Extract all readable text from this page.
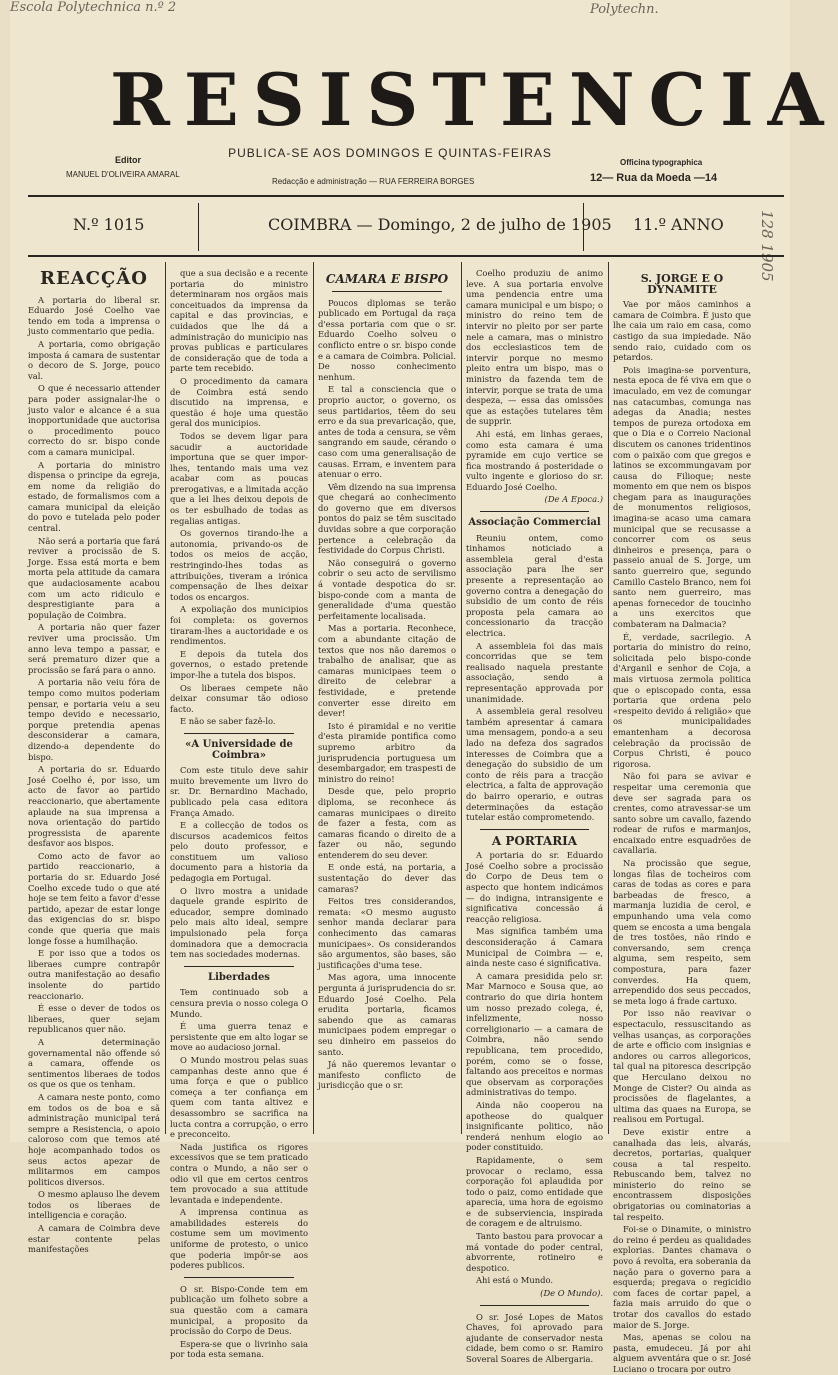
Escola Polytechnica n.º 2	Polytechn.
128 1905
RESISTENCIA
PUBLICA-SE AOS DOMINGOS E QUINTAS-FEIRAS
Editor
MANUEL D'OLIVEIRA AMARAL
Redacção e administração — RUA FERREIRA BORGES
Officina typographica
12— Rua da Moeda —14
N.º 1015	COIMBRA — Domingo, 2 de julho de 1905 11.º ANNO
REACÇÃO

A portaria do liberal sr. Eduardo José Coelho vae tendo em toda a imprensa o justo commentario que pedia.

A portaria, como obrigação imposta á camara de sustentar o decoro de S. Jorge, pouco val.

O que é necessario attender para poder assignalar-lhe o justo valor e alcance é a sua inopportunidade que auctorisa o procedimento pouco correcto do sr. bispo conde com a camara municipal.

A portaria do ministro dispensa o principe da egreja, em nome da religião do estado, de formalismos com a camara municipal da eleição do povo e tutelada pelo poder central.

Não será a portaria que fará reviver a procissão de S. Jorge. Essa está morta e bem morta pela attitude da camara que audaciosamente acabou com um acto ridiculo e desprestigiante para a população de Coimbra.

A portaria não quer fazer reviver uma procissão. Um anno leva tempo a passar, e será prematuro dizer que a procissão se fará para o anno.

A portaria não veiu fóra de tempo como muitos poderiam pensar, e portaria veiu a seu tempo devido e necessario, porque pretendia apenas desconsiderar a camara, dizendo-a dependente do bispo.

A portaria do sr. Eduardo José Coelho é, por isso, um acto de favor ao partido reaccionario, que abertamente aplaude na sua imprensa a nova orientação do partido progressista de aparente desfavor aos bispos.

Como acto de favor ao partido reaccionario, a portaria do sr. Eduardo José Coelho excede tudo o que até hoje se tem feito a favor d'esse partido, apezar de estar longe das exigencias do sr. bispo conde que queria que mais longe fosse a humilhação.

E por isso que a todos os liberaes cumpre contrapôr outra manifestação ao desafio insolente do partido reaccionario.

É esse o dever de todos os liberaes, quer sejam republicanos quer não.

A determinação governamental não offende só a camara, offende os sentimentos liberaes de todos os que os que os tenham.

A camara neste ponto, como em todos os de boa e sã administração municipal terá sempre a Resistencia, o apoio caloroso com que temos até hoje acompanhado todos os seus actos apezar de militarmos em campos politicos diversos.

O mesmo aplauso lhe devem todos os liberaes de intelligencia e coração.

A camara de Coimbra deve estar contente pelas manifestações

que a sua decisão e a recente portaria do ministro determinaram nos orgãos mais conceituados da imprensa da capital e das provincias, e cuidados que lhe dá a administração do municipio nas provas publicas e particulares de consideração que de toda a parte tem recebido.

O procedimento da camara de Coimbra está sendo discutido na imprensa, e questão é hoje uma questão geral dos municipios.

Todos se devem ligar para sacudir a auctoridade importuna que se quer impor-lhes, tentando mais uma vez acabar com as poucas prerogativas, e a limitada acção que a lei lhes deixou depois de os ter esbulhado de todas as regalias antigas.

Os governos tirando-lhe a autonomia, privando-os de todos os meios de acção, restringindo-lhes todas as attribuições, tiveram a irónica compensação de lhes deixar todos os encargos.

A expoliação dos municipios foi completa: os governos tiraram-lhes a auctoridade e os rendimentos.

E depois da tutela dos governos, o estado pretende impor-lhe a tutela dos bispos.

Os liberaes cempete não deixar consumar tão odioso facto.

E não se saber fazê-lo.

«A Universidade de Coimbra»

Com este titulo deve sahir muito brevemente um livro do sr. Dr. Bernardino Machado, publicado pela casa editora França Amado.

E a collecção de todos os discursos academicos feitos pelo douto professor, e constituem um valioso documento para a historia da pedagogia em Portugal.

O livro mostra a unidade daquele grande espirito de educador, sempre dominado pelo mais alto ideal, sempre impulsionado pela força dominadora que a democracia tem nas sociedades modernas.

Liberdades

Tem continuado sob a censura previa o nosso colega O Mundo.

É uma guerra tenaz e persistente que em alto logar se move ao audacioso jornal.

O Mundo mostrou pelas suas campanhas deste anno que é uma força e que o publico começa a ter confiança em quem com tanta altivez e desassombro se sacrifica na lucta contra a corrupção, o erro e preconceito.

Nada justifica os rigores excessivos que se tem praticado contra o Mundo, a não ser o odio vil que em certos centros tem provocado a sua attitude levantada e independente.

A imprensa continua as amabilidades estereis do costume sem um movimento uniforme de protesto, o unico que poderia impôr-se aos poderes publicos.

O sr. Bispo-Conde tem em publicação um folheto sobre a sua questão com a camara municipal, a proposito da procissão do Corpo de Deus.

Espera-se que o livrinho saia por toda esta semana.

CAMARA E BISPO

Poucos diplomas se terão publicado em Portugal da raça d'essa portaria com que o sr. Eduardo Coelho solveu o conflicto entre o sr. bispo conde e a camara de Coimbra. Policial. De nosso conhecimento nenhum.

E tal a consciencia que o proprio auctor, o governo, os seus partidarios, têem do seu erro e da sua prevaricação, que, antes de toda a censura, se vêm sangrando em saude, cérando o caso com uma generalisação de causas. Erram, e inventem para atenuar o erro.

Vêm dizendo na sua imprensa que chegará ao conhecimento do governo que em diversos pontos do paiz se têm suscitado duvidas sobre a que corporação pertence a celebração da festividade do Corpus Christi.

Não conseguirá o governo cobrir o seu acto de servilismo á vontade despotica do sr. bispo-conde com a manta de generalidade d'uma questão perfeitamente localisada.

Mas a portaria. Reconhece, com a abundante citação de textos que nos não daremos o trabalho de analisar, que as camaras municipaes teem o direito de celebrar a festividade, e pretende converter esse direito em dever!

Isto é piramidal e no veritie d'esta piramide pontifica como supremo arbitro da jurisprudencia portuguesa um desembargador, em traspesti de ministro do reino!

Desde que, pelo proprio diploma, se reconhece ás camaras municipaes o direito de fazer a festa, com as camaras ficando o direito de a fazer ou não, segundo entenderem do seu dever.

E onde está, na portaria, a sustentação do dever das camaras?

Feitos tres considerandos, remata: «O mesmo augusto senhor manda declarar para conhecimento das camaras municipaes». Os considerandos são argumentos, são bases, são justificações d'uma tese.

Mas agora, uma innocente pergunta á jurisprudencia do sr. Eduardo José Coelho. Pela erudita portaria, ficamos sabendo que as camaras municipaes podem empregar o seu dinheiro em passeios do santo.

Já não queremos levantar o manifesto conflicto de jurisdicção que o sr.

Coelho produziu de animo leve. A sua portaria envolve uma pendencia entre uma camara municipal e um bispo; o ministro do reino tem de intervir no pleito por ser parte nele a camara, mas o ministro dos ecclesiasticos tem de intervir porque no mesmo pleito entra um bispo, mas o ministro da fazenda tem de intervir, porque se trata de uma despeza, — essa das omissões que as estações tutelares têm de supprir.

Ahi está, em linhas geraes, como esta camara é uma pyramide em cujo vertice se fica mostrando á posteridade o vulto ingente e glorioso do sr. Eduardo José Coelho.

(De A Epoca.)

Associação Commercial

Reuniu ontem, como tinhamos noticiado a assembleia geral d'esta associação para lhe ser presente a representação ao governo contra a denegação do subsidio de um conto de réis proposta pela camara ao concessionario da tracção electrica.

A assembleia foi das mais concorridas que se tem realisado naquela prestante associação, sendo a representação approvada por unanimidade.

A assembleia geral resolveu também apresentar á camara uma mensagem, pondo-a a seu lado na defeza dos sagrados interesses de Coimbra que a denegação do subsidio de um conto de réis para a tracção electrica, a falta de approvação do bairro operario, e outras determinações da estação tutelar estão comprometendo.

A PORTARIA

A portaria do sr. Eduardo José Coelho sobre a procissão do Corpo de Deus tem o aspecto que hontem indicámos — do indigna, intransigente e significativa concessão á reacção religiosa.

Mas significa também uma desconsideração á Camara Municipal de Coimbra — e, ainda neste caso é significativa.

A camara presidida pelo sr. Mar Marnoco e Sousa que, ao contrario do que diria hontem um nosso prezado colega, é, infelizmente, nosso correligionario — a camara de Coimbra, não sendo republicana, tem procedido, porém, como se o fosse, faltando aos preceitos e normas que observam as corporações administrativas do tempo.

Ainda não cooperou na apotheose do qualquer insignificante politico, não renderá nenhum elogio ao poder constituido.

Rapidamente, o sem provocar o reclamo, essa corporação foi aplaudida por todo o paiz, como entidade que aparecia, uma hora de egoismo e de subserviencia, inspirada de coragem e de altruismo.

Tanto bastou para provocar a má vontade do poder central, abvorrente, rotineiro e despotico.

Ahi está o Mundo.

(De O Mundo).

O sr. José Lopes de Matos Chaves, foi aprovado para ajudante de conservador nesta cidade, bem como o sr. Ramiro Soveral Soares de Albergaria.

S. JORGE E O DYNAMITE

Vae por mãos caminhos a camara de Coimbra. É justo que lhe caia um raio em casa, como castigo da sua impiedade. Não sendo raio, cuidado com os petardos.

Pois imagina-se porventura, nesta epoca de fé viva em que o imaculado, em vez de comungar nas catacumbas, comunga nas adegas da Anadia; nestes tempos de pureza ortodoxa em que o Dia e o Correio Nacional discutem os canones tridentinos com o paixão com que gregos e latinos se excommungavam por causa do Filioque; neste momento em que nem os bispos chegam para as inaugurações de monumentos religiosos, imagina-se acaso uma camara municipal que se recusasse a concorrer com os seus dinheiros e presença, para o passeio anual de S. Jorge, um santo guerreiro que, segundo Camillo Castelo Branco, nem foi santo nem guerreiro, mas apenas fornecedor de toucinho a uns exercitos que combateram na Dalmacia?

É, verdade, sacrilegio. A portaria do ministro do reino, solicitada pelo bispo-conde d'Arganil e senhor de Coja, a mais virtuosa zermola politica que o episcopado conta, essa portaria que ordena pelo «respeito devido á religião» que os municipalidades emantenham a decorosa celebração da procissão de Corpus Christi, é pouco rigorosa.

Não foi para se avivar e respeitar uma ceremonia que deve ser sagrada para os crentes, como atravessar-se um santo sobre um cavallo, fazendo rodear de rufos e marmanjos, encaixado entre esquadrões de cavallaria.

Na procissão que segue, longas filas de tocheiros com caras de todas as cores e para barbeadas de fresco, a marmanja luzidia de cerol, e empunhando uma vela como quem se encosta a uma bengala de tres tostões, não rindo e conversando, sem crença alguma, sem respeito, sem compostura, para fazer converdes. Ha quem, arrependido dos seus peccados, se meta logo á frade cartuxo.

Por isso não reavivar o espectaculo, ressuscitando as velhas usanças, as corporações de arte e officio com insignias e andores ou carros allegoricos, tal qual na pitoresca descripção que Herculano deixou no Monge de Cister? Ou ainda as procissões de flagelantes, a ultima das quaes na Europa, se realisou em Portugal.

Deve existir entre a canalhada das leis, alvarás, decretos, portarias, qualquer cousa a tal respeito. Rebuscando bem, talvez no ministerio do reino se encontrassem disposições obrigatorias ou cominatorias a tal respeito.

Foi-se o Dinamite, o ministro do reino é perdeu as qualidades explorias. Dantes chamava o povo á revolta, era soberania da nação para o governo para a esquerda; pregava o regicidio com faces de cortar papel, a fazia mais arruido do que o trotar dos cavallos do estado maior de S. Jorge.

Mas, apenas se colou na pasta, emudeceu. Já por ahi alguem avventára que o sr. José Luciano o trocara por outro
